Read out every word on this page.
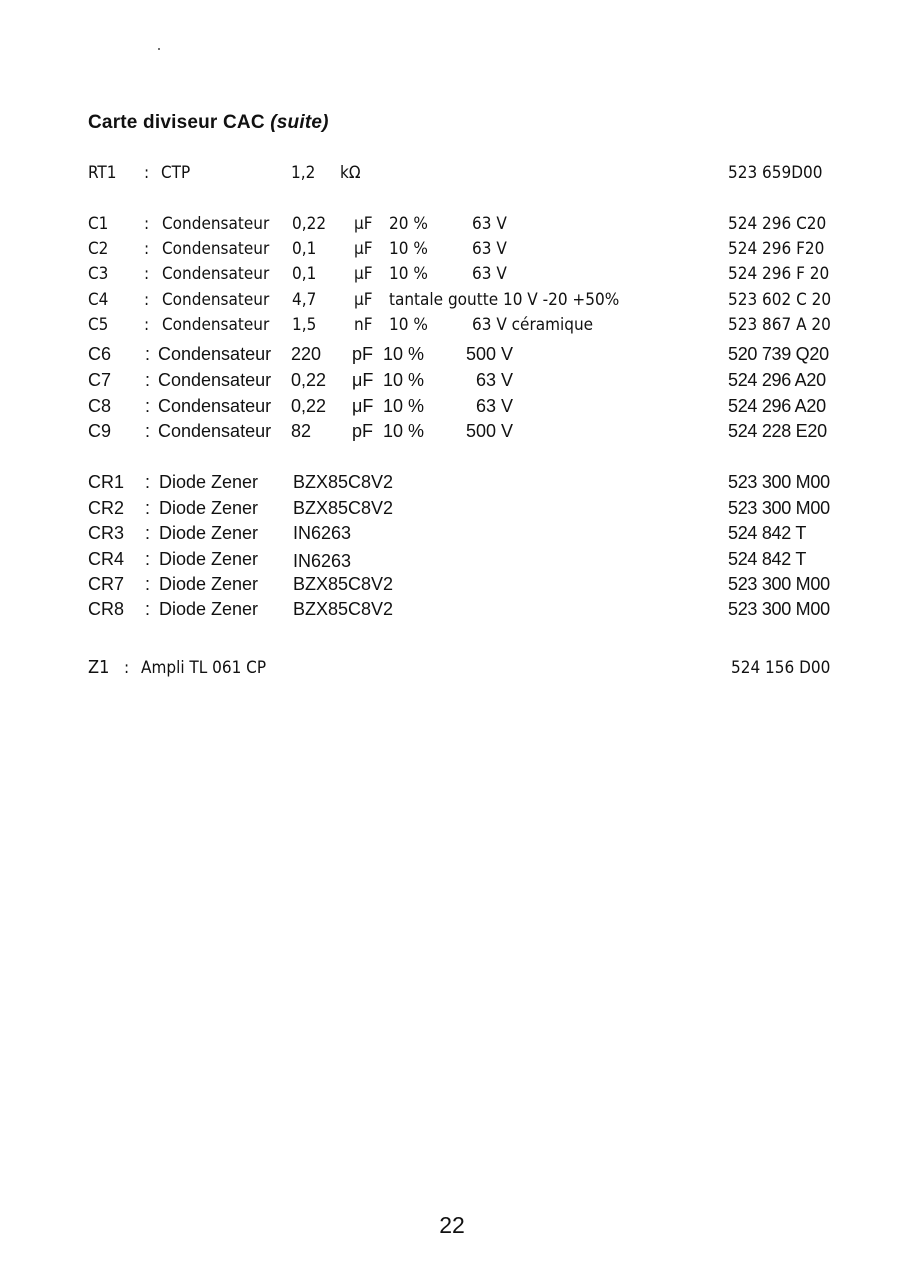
Carte diviseur CAC (suite)
RT1 : CTP	1,2 kΩ	523 659D00
C1 : Condensateur 0,22 μF 20 %	63 V	524 296 C20
C2 : Condensateur 0,1 μF 10 %	63 V	524 296 F20
C3 : Condensateur 0,1 μF 10 %	63 V	524 296 F 20
C4 : Condensateur 4,7 μF tantale goutte 10 V -20 +50%	523 602 C 20
C5 : Condensateur 1,5 nF 10 %	63 V céramique	523 867 A 20
C6 : Condensateur 220 pF 10 % 500 V	520 739 Q20
C7 : Condensateur 0,22 μF 10 %	63 V	524 296 A20
C8 : Condensateur 0,22 μF 10 %	63 V	524 296 A20
C9 : Condensateur 82 pF 10 % 500 V	524 228 E20
CR1 : Diode Zener BZX85C8V2	523 300 M00
CR2 : Diode Zener BZX85C8V2	523 300 M00
CR3 : Diode Zener IN6263	524 842 T
CR4 : Diode Zener IN6263	524 842 T
CR7 : Diode Zener BZX85C8V2	523 300 M00
CR8 : Diode Zener BZX85C8V2	523 300 M00
Z1 : Ampli TL 061 CP	524 156 D00
22
